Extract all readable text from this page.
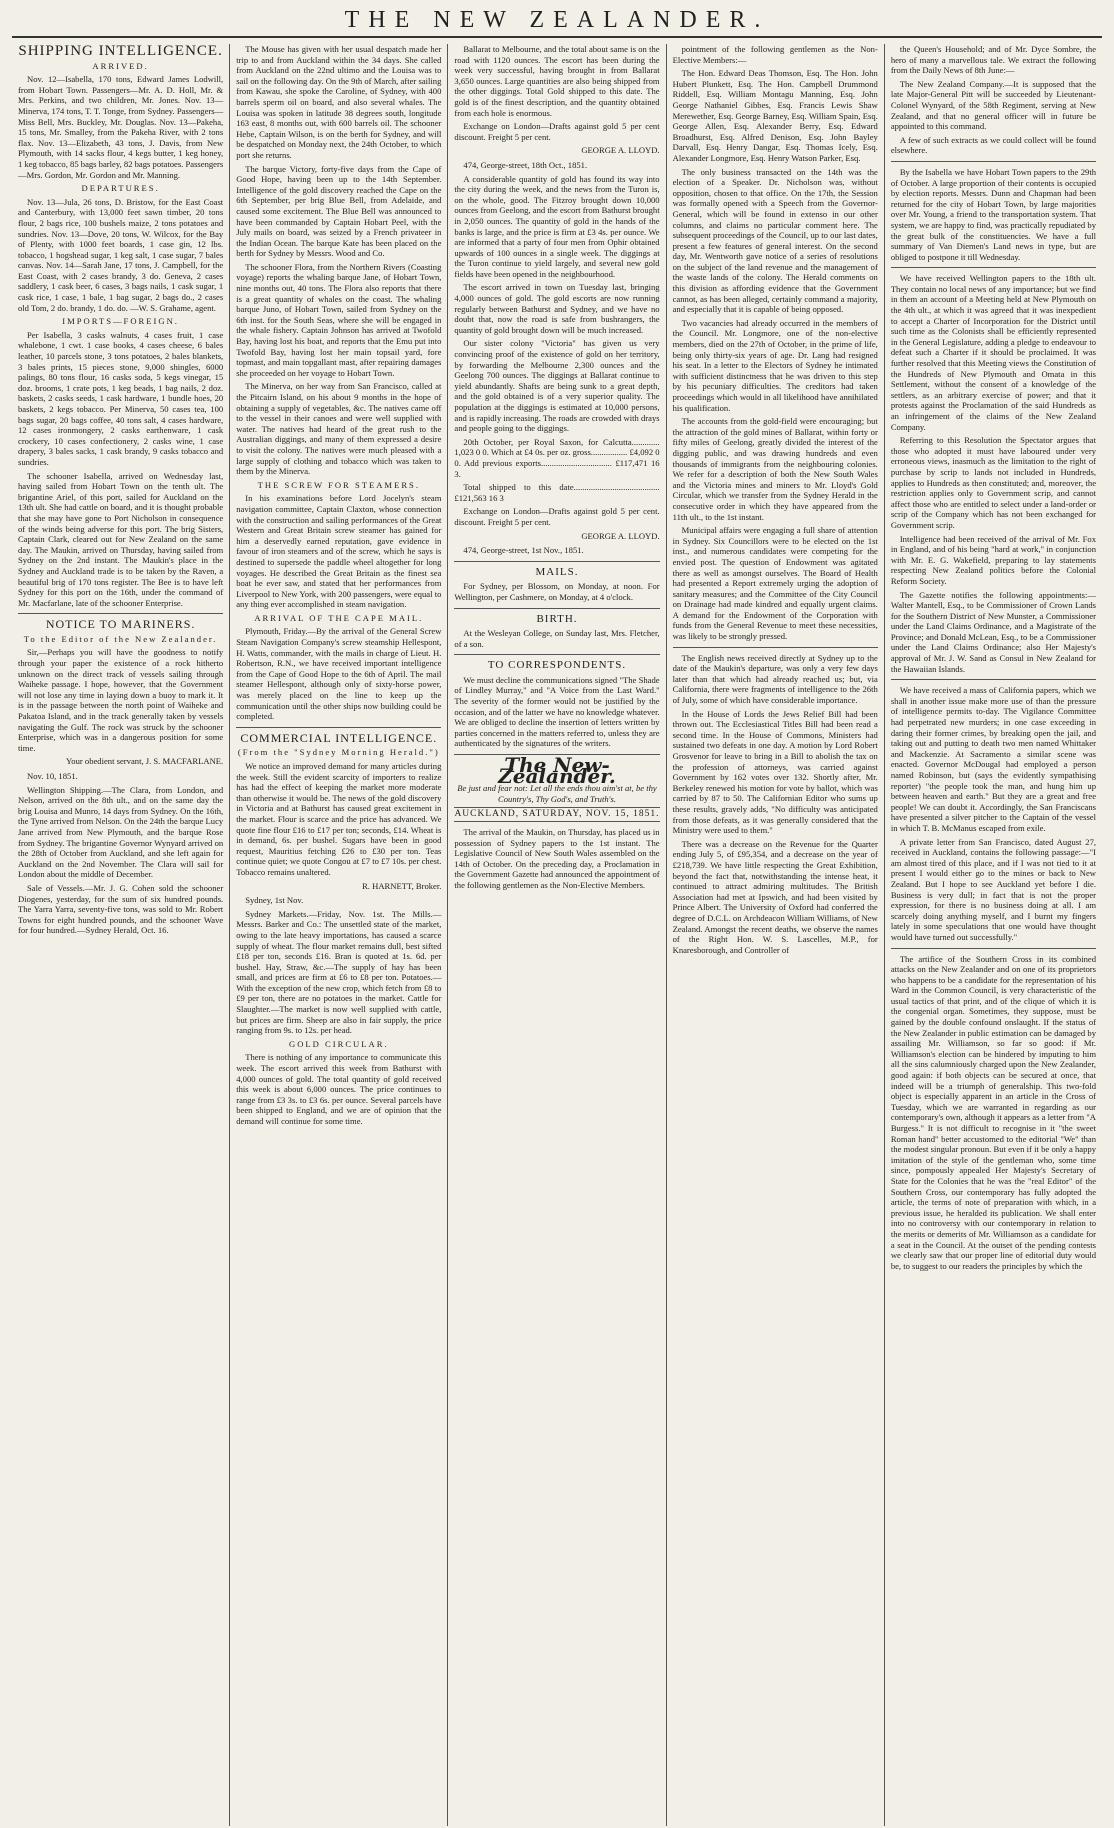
THE NEW ZEALANDER.
SHIPPING INTELLIGENCE.
ARRIVED.

Nov. 12—Isabella, 170 tons, Edward James Lodwill, from Hobart Town. Passengers—Mr. A. D. Holl, Mr. & Mrs. Perkins, and two children, Mr. Jones. Nov. 13—Minerva, 174 tons, T. T. Tonge, from Sydney. Passengers—Miss Bell, Mrs. Buckley, Mr. Douglas. Nov. 13—Pakeha, 15 tons, Mr. Smalley, from the Pakeha River, with 2 tons flax. Nov. 13—Elizabeth, 43 tons, J. Davis, from New Plymouth, with 14 sacks flour, 4 kegs butter, 1 keg honey, 1 keg tobacco, 85 bags barley, 82 bags potatoes. Passengers—Mrs. Gordon, Mr. Gordon and Mr. Manning.

DEPARTURES.

Nov. 13—Jula, 26 tons, D. Bristow, for the East Coast and Canterbury, with 13,000 feet sawn timber, 20 tons flour, 2 bags rice, 100 bushels maize, 2 tons potatoes and sundries. Nov. 13—Dove, 20 tons, W. Wilcox, for the Bay of Plenty, with 1000 feet boards, 1 case gin, 12 lbs. tobacco, 1 hogshead sugar, 1 keg salt, 1 case sugar, 7 bales canvas. Nov. 14—Sarah Jane, 17 tons, J. Campbell, for the East Coast, with 2 cases brandy, 3 do. Geneva, 2 cases saddlery, 1 cask beer, 6 cases, 3 bags nails, 1 cask sugar, 1 cask rice, 1 case, 1 bale, 1 bag sugar, 2 bags do., 2 cases old Tom, 2 do. brandy, 1 do. do. —W. S. Grahame, agent.

IMPORTS—FOREIGN.

Per Isabella, 3 casks walnuts, 4 cases fruit, 1 case whalebone, 1 cwt. 1 case books, 4 cases cheese, 6 bales leather, 10 parcels stone, 3 tons potatoes, 2 bales blankets, 3 bales prints, 15 pieces stone, 9,000 shingles, 6000 palings, 80 tons flour, 16 casks soda, 5 kegs vinegar, 15 doz. brooms, 1 crate pots, 1 keg beads, 1 bag nails, 2 doz. baskets, 2 casks seeds, 1 cask hardware, 1 bundle hoes, 20 baskets, 2 kegs tobacco. Per Minerva, 50 cases tea, 100 bags sugar, 20 bags coffee, 40 tons salt, 4 cases hardware, 12 cases ironmongery, 2 casks earthenware, 1 cask crockery, 10 cases confectionery, 2 casks wine, 1 case drapery, 3 bales sacks, 1 cask brandy, 9 casks tobacco and sundries.

The schooner Isabella, arrived on Wednesday last, having sailed from Hobart Town on the tenth ult. The brigantine Ariel, of this port, sailed for Auckland on the 13th ult. She had cattle on board, and it is thought probable that she may have gone to Port Nicholson in consequence of the winds being adverse for this port. The brig Sisters, Captain Clark, cleared out for New Zealand on the same day. The Maukin, arrived on Thursday, having sailed from Sydney on the 2nd instant. The Maukin's place in the Sydney and Auckland trade is to be taken by the Raven, a beautiful brig of 170 tons register. The Bee is to have left Sydney for this port on the 16th, under the command of Mr. Macfarlane, late of the schooner Enterprise.

NOTICE TO MARINERS.
To the Editor of the New Zealander.

Sir,—Perhaps you will have the goodness to notify through your paper the existence of a rock hitherto unknown on the direct track of vessels sailing through Waiheke passage. I hope, however, that the Government will not lose any time in laying down a buoy to mark it. It is in the passage between the north point of Waiheke and Pakatoa Island, and in the track generally taken by vessels navigating the Gulf. The rock was struck by the schooner Enterprise, which was in a dangerous position for some time.

Your obedient servant, J. S. MACFARLANE.

Nov. 10, 1851.

Wellington Shipping.—The Clara, from London, and Nelson, arrived on the 8th ult., and on the same day the brig Louisa and Munro, 14 days from Sydney. On the 16th, the Tyne arrived from Nelson. On the 24th the barque Lucy Jane arrived from New Plymouth, and the barque Rose from Sydney. The brigantine Governor Wynyard arrived on the 28th of October from Auckland, and she left again for Auckland on the 2nd November. The Clara will sail for London about the middle of December.

Sale of Vessels.—Mr. J. G. Cohen sold the schooner Diogenes, yesterday, for the sum of six hundred pounds. The Yarra Yarra, seventy-five tons, was sold to Mr. Robert Towns for eight hundred pounds, and the schooner Wave for four hundred.—Sydney Herald, Oct. 16.

The Mouse has given with her usual despatch made her trip to and from Auckland within the 34 days. She called from Auckland on the 22nd ultimo and the Louisa was to sail on the following day. On the 9th of March, after sailing from Kawau, she spoke the Caroline, of Sydney, with 400 barrels sperm oil on board, and also several whales. The Louisa was spoken in latitude 38 degrees south, longitude 163 east, 8 months out, with 600 barrels oil. The schooner Hebe, Captain Wilson, is on the berth for Sydney, and will be despatched on Monday next, the 24th October, to which port she returns.

The barque Victory, forty-five days from the Cape of Good Hope, having been up to the 14th September. Intelligence of the gold discovery reached the Cape on the 6th September, per brig Blue Bell, from Adelaide, and caused some excitement. The Blue Bell was announced to have been commanded by Captain Hobart Peel, with the July mails on board, was seized by a French privateer in the Indian Ocean. The barque Kate has been placed on the berth for Sydney by Messrs. Wood and Co.

The schooner Flora, from the Northern Rivers (Coasting voyage) reports the whaling barque Jane, of Hobart Town, nine months out, 40 tons. The Flora also reports that there is a great quantity of whales on the coast. The whaling barque Juno, of Hobart Town, sailed from Sydney on the 6th inst. for the South Seas, where she will be engaged in the whale fishery. Captain Johnson has arrived at Twofold Bay, having lost his boat, and reports that the Emu put into Twofold Bay, having lost her main topsail yard, fore topmast, and main topgallant mast, after repairing damages she proceeded on her voyage to Hobart Town.

The Minerva, on her way from San Francisco, called at the Pitcairn Island, on his about 9 months in the hope of obtaining a supply of vegetables, &c. The natives came off to the vessel in their canoes and were well supplied with water. The natives had heard of the great rush to the Australian diggings, and many of them expressed a desire to visit the colony. The natives were much pleased with a large supply of clothing and tobacco which was taken to them by the Minerva.

THE SCREW FOR STEAMERS.

In his examinations before Lord Jocelyn's steam navigation committee, Captain Claxton, whose connection with the construction and sailing performances of the Great Western and Great Britain screw steamer has gained for him a deservedly earned reputation, gave evidence in favour of iron steamers and of the screw, which he says is destined to supersede the paddle wheel altogether for long voyages. He described the Great Britain as the finest sea boat he ever saw, and stated that her performances from Liverpool to New York, with 200 passengers, were equal to any thing ever accomplished in steam navigation.

ARRIVAL OF THE CAPE MAIL.

Plymouth, Friday.—By the arrival of the General Screw Steam Navigation Company's screw steamship Hellespont, H. Watts, commander, with the mails in charge of Lieut. H. Robertson, R.N., we have received important intelligence from the Cape of Good Hope to the 6th of April. The mail steamer Hellespont, although only of sixty-horse power, was merely placed on the line to keep up the communication until the other ships now building could be completed.

COMMERCIAL INTELLIGENCE.
(From the "Sydney Morning Herald.")

We notice an improved demand for many articles during the week. Still the evident scarcity of importers to realize has had the effect of keeping the market more moderate than otherwise it would be. The news of the gold discovery in Victoria and at Bathurst has caused great excitement in the market. Flour is scarce and the price has advanced. We quote fine flour £16 to £17 per ton; seconds, £14. Wheat is in demand, 6s. per bushel. Sugars have been in good request, Mauritius fetching £26 to £30 per ton. Teas continue quiet; we quote Congou at £7 to £7 10s. per chest. Tobacco remains unaltered.

R. HARNETT, Broker.

Sydney, 1st Nov.

Sydney Markets.—Friday, Nov. 1st. The Mills.—Messrs. Barker and Co.: The unsettled state of the market, owing to the late heavy importations, has caused a scarce supply of wheat. The flour market remains dull, best sifted £18 per ton, seconds £16. Bran is quoted at 1s. 6d. per bushel. Hay, Straw, &c.—The supply of hay has been small, and prices are firm at £6 to £8 per ton. Potatoes.—With the exception of the new crop, which fetch from £8 to £9 per ton, there are no potatoes in the market. Cattle for Slaughter.—The market is now well supplied with cattle, but prices are firm. Sheep are also in fair supply, the price ranging from 9s. to 12s. per head.

GOLD CIRCULAR.

There is nothing of any importance to communicate this week. The escort arrived this week from Bathurst with 4,000 ounces of gold. The total quantity of gold received this week is about 6,000 ounces. The price continues to range from £3 3s. to £3 6s. per ounce. Several parcels have been shipped to England, and we are of opinion that the demand will continue for some time.

Ballarat to Melbourne, and the total about same is on the road with 1120 ounces. The escort has been during the week very successful, having brought in from Ballarat 3,650 ounces. Large quantities are also being shipped from the other diggings. Total Gold shipped to this date. The gold is of the finest description, and the quantity obtained from each hole is enormous.

Exchange on London—Drafts against gold 5 per cent discount. Freight 5 per cent.

GEORGE A. LLOYD.

474, George-street, 18th Oct., 1851.

A considerable quantity of gold has found its way into the city during the week, and the news from the Turon is, on the whole, good. The Fitzroy brought down 10,000 ounces from Geelong, and the escort from Bathurst brought in 2,050 ounces. The quantity of gold in the hands of the banks is large, and the price is firm at £3 4s. per ounce. We are informed that a party of four men from Ophir obtained upwards of 100 ounces in a single week. The diggings at the Turon continue to yield largely, and several new gold fields have been opened in the neighbourhood.

The escort arrived in town on Tuesday last, bringing 4,000 ounces of gold. The gold escorts are now running regularly between Bathurst and Sydney, and we have no doubt that, now the road is safe from bushrangers, the quantity of gold brought down will be much increased.

Our sister colony "Victoria" has given us very convincing proof of the existence of gold on her territory, by forwarding the Melbourne 2,300 ounces and the Geelong 700 ounces. The diggings at Ballarat continue to yield abundantly. Shafts are being sunk to a great depth, and the gold obtained is of a very superior quality. The population at the diggings is estimated at 10,000 persons, and is rapidly increasing. The roads are crowded with drays and people going to the diggings.

20th October, per Royal Saxon, for Calcutta............. 1,023 0 0. Which at £4 0s. per oz. gross................. £4,092 0 0. Add previous exports................................. £117,471 16 3.

Total shipped to this date........................................ £121,563 16 3

Exchange on London—Drafts against gold 5 per cent. discount. Freight 5 per cent.

GEORGE A. LLOYD.

474, George-street, 1st Nov., 1851.

MAILS.

For Sydney, per Blossom, on Monday, at noon. For Wellington, per Cashmere, on Monday, at 4 o'clock.

BIRTH.

At the Wesleyan College, on Sunday last, Mrs. Fletcher, of a son.

TO CORRESPONDENTS.

We must decline the communications signed "The Shade of Lindley Murray," and "A Voice from the Last Ward." The severity of the former would not be justified by the occasion, and of the latter we have no knowledge whatever. We are obliged to decline the insertion of letters written by parties concerned in the matters referred to, unless they are authenticated by the signatures of the writers.

The New-Zealander.
Be just and fear not: Let all the ends thou aim'st at, be thy Country's, Thy God's, and Truth's.
AUCKLAND, SATURDAY, NOV. 15, 1851.

The arrival of the Maukin, on Thursday, has placed us in possession of Sydney papers to the 1st instant. The Legislative Council of New South Wales assembled on the 14th of October. On the preceding day, a Proclamation in the Government Gazette had announced the appointment of the following gentlemen as the Non-Elective Members.

pointment of the following gentlemen as the Non-Elective Members:—

The Hon. Edward Deas Thomson, Esq. The Hon. John Hubert Plunkett, Esq. The Hon. Campbell Drummond Riddell, Esq. William Montagu Manning, Esq. John George Nathaniel Gibbes, Esq. Francis Lewis Shaw Merewether, Esq. George Barney, Esq. William Spain, Esq. George Allen, Esq. Alexander Berry, Esq. Edward Broadhurst, Esq. Alfred Denison, Esq. John Bayley Darvall, Esq. Henry Dangar, Esq. Thomas Icely, Esq. Alexander Longmore, Esq. Henry Watson Parker, Esq.

The only business transacted on the 14th was the election of a Speaker. Dr. Nicholson was, without opposition, chosen to that office. On the 17th, the Session was formally opened with a Speech from the Governor-General, which will be found in extenso in our other columns, and claims no particular comment here. The subsequent proceedings of the Council, up to our last dates, present a few features of general interest. On the second day, Mr. Wentworth gave notice of a series of resolutions on the subject of the land revenue and the management of the waste lands of the colony. The Herald comments on this division as affording evidence that the Government cannot, as has been alleged, certainly command a majority, and especially that it is capable of being opposed.

Two vacancies had already occurred in the members of the Council. Mr. Longmore, one of the non-elective members, died on the 27th of October, in the prime of life, being only thirty-six years of age. Dr. Lang had resigned his seat. In a letter to the Electors of Sydney he intimated with sufficient distinctness that he was driven to this step by his pecuniary difficulties. The creditors had taken proceedings which would in all likelihood have annihilated his qualification.

The accounts from the gold-field were encouraging; but the attraction of the gold mines of Ballarat, within forty or fifty miles of Geelong, greatly divided the interest of the digging public, and was drawing hundreds and even thousands of immigrants from the neighbouring colonies. We refer for a description of both the New South Wales and the Victoria mines and miners to Mr. Lloyd's Gold Circular, which we transfer from the Sydney Herald in the consecutive order in which they have appeared from the 11th ult., to the 1st instant.

Municipal affairs were engaging a full share of attention in Sydney. Six Councillors were to be elected on the 1st inst., and numerous candidates were competing for the envied post. The question of Endowment was agitated there as well as amongst ourselves. The Board of Health had presented a Report extremely urging the adoption of sanitary measures; and the Committee of the City Council on Drainage had made kindred and equally urgent claims. A demand for the Endowment of the Corporation with funds from the General Revenue to meet these necessities, was likely to be strongly pressed.

The English news received directly at Sydney up to the date of the Maukin's departure, was only a very few days later than that which had already reached us; but, via California, there were fragments of intelligence to the 26th of July, some of which have considerable importance.

In the House of Lords the Jews Relief Bill had been thrown out. The Ecclesiastical Titles Bill had been read a second time. In the House of Commons, Ministers had sustained two defeats in one day. A motion by Lord Robert Grosvenor for leave to bring in a Bill to abolish the tax on the profession of attorneys, was carried against Government by 162 votes over 132. Shortly after, Mr. Berkeley renewed his motion for vote by ballot, which was carried by 87 to 50. The Californian Editor who sums up these results, gravely adds, "No difficulty was anticipated from those defeats, as it was generally considered that the Ministry were used to them."

There was a decrease on the Revenue for the Quarter ending July 5, of £95,354, and a decrease on the year of £218,739. We have little respecting the Great Exhibition, beyond the fact that, notwithstanding the intense heat, it continued to attract admiring multitudes. The British Association had met at Ipswich, and had been visited by Prince Albert. The University of Oxford had conferred the degree of D.C.L. on Archdeacon William Williams, of New Zealand. Amongst the recent deaths, we observe the names of the Right Hon. W. S. Lascelles, M.P., for Knaresborough, and Controller of

the Queen's Household; and of Mr. Dyce Sombre, the hero of many a marvellous tale. We extract the following from the Daily News of 8th June:—

The New Zealand Company.—It is supposed that the late Major-General Pitt will be succeeded by Lieutenant-Colonel Wynyard, of the 58th Regiment, serving at New Zealand, and that no general officer will in future be appointed to this command.

A few of such extracts as we could collect will be found elsewhere.

By the Isabella we have Hobart Town papers to the 29th of October. A large proportion of their contents is occupied by election reports. Messrs. Dunn and Chapman had been returned for the city of Hobart Town, by large majorities over Mr. Young, a friend to the transportation system. That system, we are happy to find, was practically repudiated by the great bulk of the constituencies. We have a full summary of Van Diemen's Land news in type, but are obliged to postpone it till Wednesday.

We have received Wellington papers to the 18th ult. They contain no local news of any importance; but we find in them an account of a Meeting held at New Plymouth on the 4th ult., at which it was agreed that it was inexpedient to accept a Charter of Incorporation for the District until such time as the Colonists shall be efficiently represented in the General Legislature, adding a pledge to endeavour to defeat such a Charter if it should be proclaimed. It was further resolved that this Meeting views the Constitution of the Hundreds of New Plymouth and Omata in this Settlement, without the consent of a knowledge of the settlers, as an arbitrary exercise of power; and that it protests against the Proclamation of the said Hundreds as an infringement of the claims of the New Zealand Company.

Referring to this Resolution the Spectator argues that those who adopted it must have laboured under very erroneous views, inasmuch as the limitation to the right of purchase by scrip to lands not included in Hundreds, applies to Hundreds as then constituted; and, moreover, the restriction applies only to Government scrip, and cannot affect those who are entitled to select under a land-order or scrip of the Company which has not been exchanged for Government scrip.

Intelligence had been received of the arrival of Mr. Fox in England, and of his being "hard at work," in conjunction with Mr. E. G. Wakefield, preparing to lay statements respecting New Zealand politics before the Colonial Reform Society.

The Gazette notifies the following appointments:—Walter Mantell, Esq., to be Commissioner of Crown Lands for the Southern District of New Munster, a Commissioner under the Land Claims Ordinance, and a Magistrate of the Province; and Donald McLean, Esq., to be a Commissioner under the Land Claims Ordinance; also Her Majesty's approval of Mr. J. W. Sand as Consul in New Zealand for the Hawaiian Islands.

We have received a mass of California papers, which we shall in another issue make more use of than the pressure of intelligence permits to-day. The Vigilance Committee had perpetrated new murders; in one case exceeding in daring their former crimes, by breaking open the jail, and taking out and putting to death two men named Whittaker and Mackenzie. At Sacramento a similar scene was enacted. Governor McDougal had employed a person named Robinson, but (says the evidently sympathising reporter) "the people took the man, and hung him up between heaven and earth." But they are a great and free people! We can doubt it. Accordingly, the San Franciscans have presented a silver pitcher to the Captain of the vessel in which T. B. McManus escaped from exile.

A private letter from San Francisco, dated August 27, received in Auckland, contains the following passage:—"I am almost tired of this place, and if I was not tied to it at present I would either go to the mines or back to New Zealand. But I hope to see Auckland yet before I die. Business is very dull; in fact that is not the proper expression, for there is no business doing at all. I am scarcely doing anything myself, and I burnt my fingers lately in some speculations that one would have thought would have turned out successfully."

The artifice of the Southern Cross in its combined attacks on the New Zealander and on one of its proprietors who happens to be a candidate for the representation of his Ward in the Common Council, is very characteristic of the usual tactics of that print, and of the clique of which it is the congenial organ. Sometimes, they suppose, must be gained by the double confound onslaught. If the status of the New Zealander in public estimation can be damaged by assailing Mr. Williamson, so far so good: if Mr. Williamson's election can be hindered by imputing to him all the sins calumniously charged upon the New Zealander, good again: if both objects can be secured at once, that indeed will be a triumph of generalship. This two-fold object is especially apparent in an article in the Cross of Tuesday, which we are warranted in regarding as our contemporary's own, although it appears as a letter from "A Burgess." It is not difficult to recognise in it "the sweet Roman hand" better accustomed to the editorial "We" than the modest singular pronoun. But even if it be only a happy imitation of the style of the gentleman who, some time since, pompously appealed Her Majesty's Secretary of State for the Colonies that he was the "real Editor" of the Southern Cross, our contemporary has fully adopted the article, the terms of note of preparation with which, in a previous issue, he heralded its publication. We shall enter into no controversy with our contemporary in relation to the merits or demerits of Mr. Williamson as a candidate for a seat in the Council. At the outset of the pending contests we clearly saw that our proper line of editorial duty would be, to suggest to our readers the principles by which the
